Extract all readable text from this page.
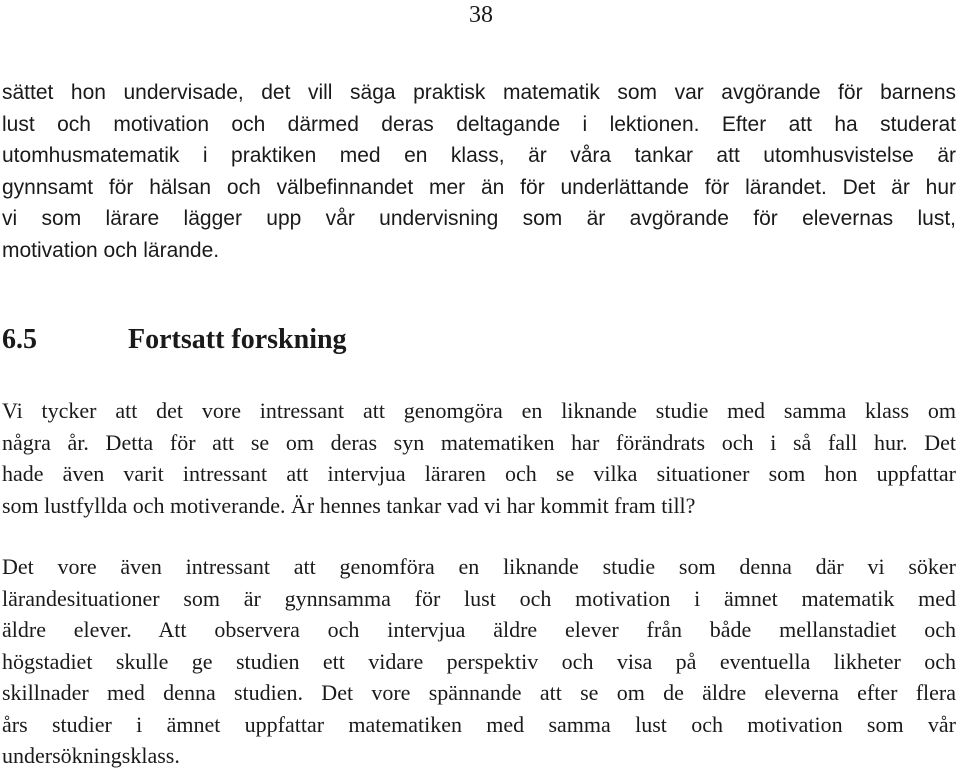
38

sättet hon undervisade, det vill säga praktisk matematik som var avgörande för barnens
lust och motivation och därmed deras deltagande i lektionen. Efter att ha studerat
utomhusmatematik i praktiken med en klass, är våra tankar att utomhusvistelse är
gynnsamt för hälsan och välbefinnandet mer än för underlättande för lärandet. Det är hur
vi som lärare lägger upp vår undervisning som är avgörande för elevernas lust,
motivation och lärande.

6.5	Fortsatt forskning

Vi tycker att det vore intressant att genomgöra en liknande studie med samma klass om
några år. Detta för att se om deras syn matematiken har förändrats och i så fall hur. Det
hade även varit intressant att intervjua läraren och se vilka situationer som hon uppfattar
som lustfyllda och motiverande. Är hennes tankar vad vi har kommit fram till?

Det vore även intressant att genomföra en liknande studie som denna där vi söker
lärandesituationer som är gynnsamma för lust och motivation i ämnet matematik med
äldre elever. Att observera och intervjua äldre elever från både mellanstadiet och
högstadiet skulle ge studien ett vidare perspektiv och visa på eventuella likheter och
skillnader med denna studien. Det vore spännande att se om de äldre eleverna efter flera
års studier i ämnet uppfattar matematiken med samma lust och motivation som vår
undersökningsklass.
